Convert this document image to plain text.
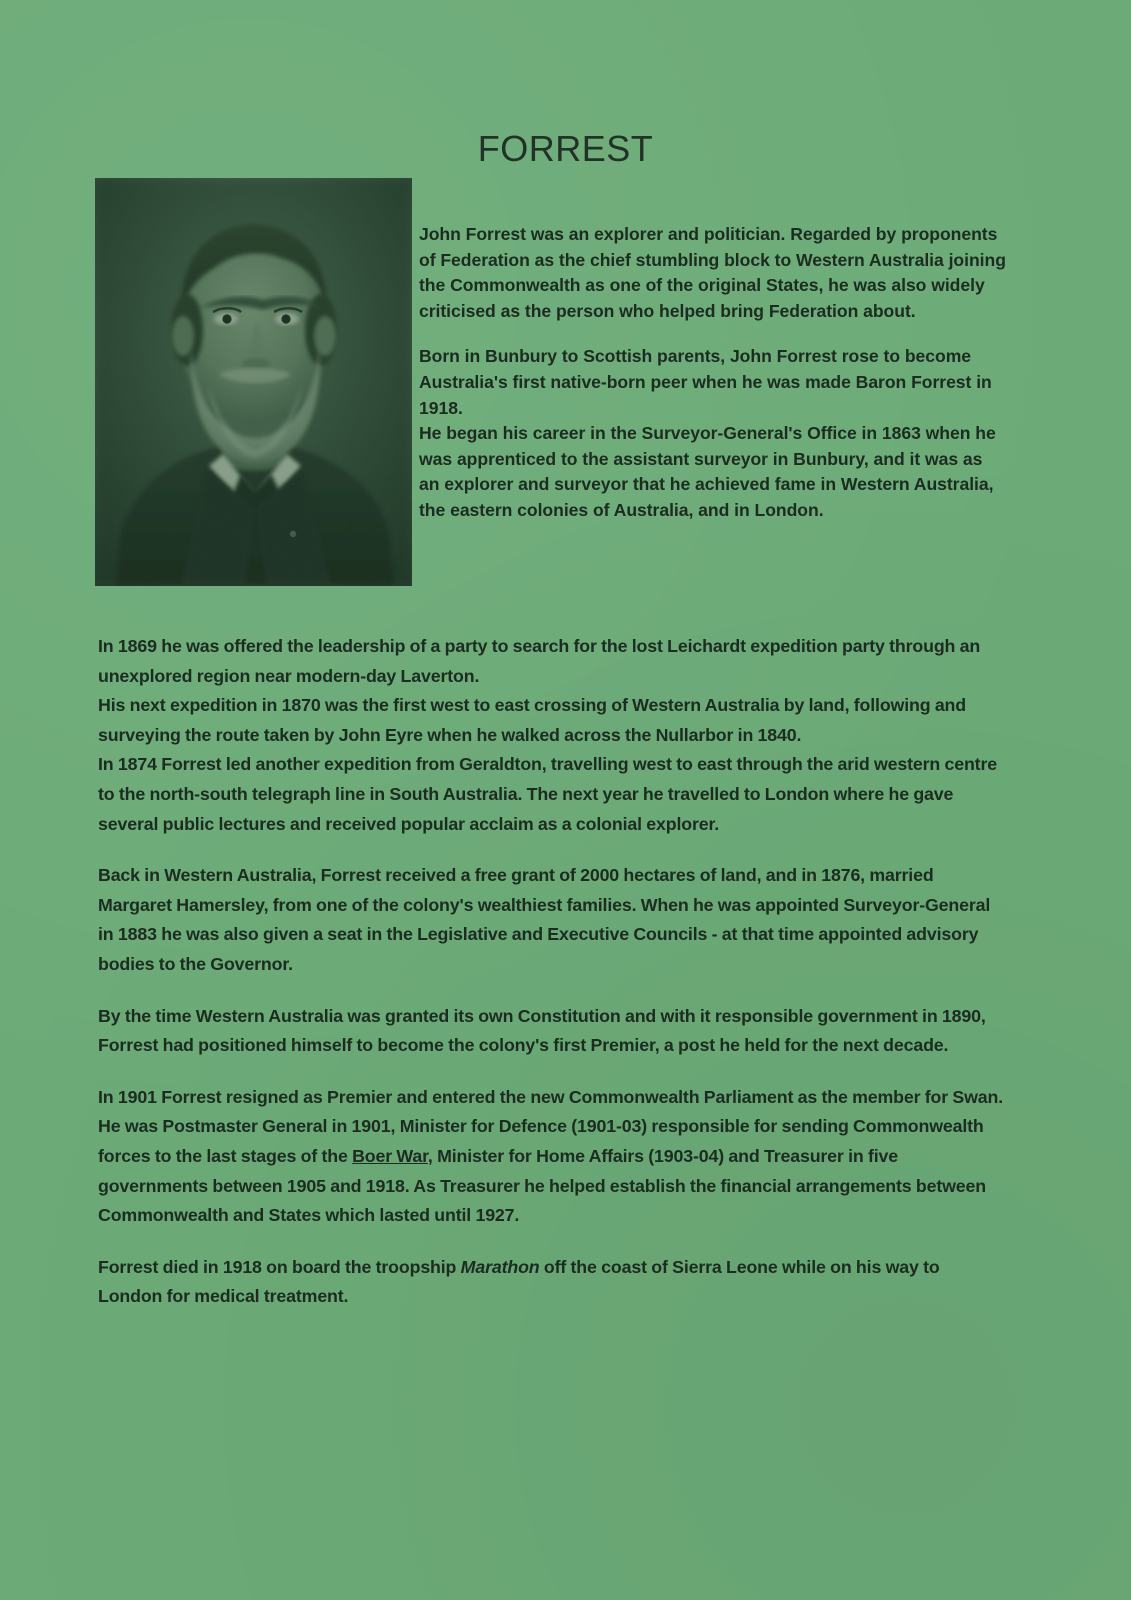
FORREST

John Forrest was an explorer and politician. Regarded by proponents of Federation as the chief stumbling block to Western Australia joining the Commonwealth as one of the original States, he was also widely criticised as the person who helped bring Federation about.

Born in Bunbury to Scottish parents, John Forrest rose to become Australia's first native-born peer when he was made Baron Forrest in 1918.

He began his career in the Surveyor-General's Office in 1863 when he was apprenticed to the assistant surveyor in Bunbury, and it was as an explorer and surveyor that he achieved fame in Western Australia, the eastern colonies of Australia, and in London.

In 1869 he was offered the leadership of a party to search for the lost Leichardt expedition party through an unexplored region near modern-day Laverton.
His next expedition in 1870 was the first west to east crossing of Western Australia by land, following and surveying the route taken by John Eyre when he walked across the Nullarbor in 1840.
In 1874 Forrest led another expedition from Geraldton, travelling west to east through the arid western centre to the north-south telegraph line in South Australia. The next year he travelled to London where he gave several public lectures and received popular acclaim as a colonial explorer.

Back in Western Australia, Forrest received a free grant of 2000 hectares of land, and in 1876, married Margaret Hamersley, from one of the colony's wealthiest families. When he was appointed Surveyor-General in 1883 he was also given a seat in the Legislative and Executive Councils - at that time appointed advisory bodies to the Governor.

By the time Western Australia was granted its own Constitution and with it responsible government in 1890, Forrest had positioned himself to become the colony's first Premier, a post he held for the next decade.

In 1901 Forrest resigned as Premier and entered the new Commonwealth Parliament as the member for Swan. He was Postmaster General in 1901, Minister for Defence (1901-03) responsible for sending Commonwealth forces to the last stages of the Boer War, Minister for Home Affairs (1903-04) and Treasurer in five governments between 1905 and 1918. As Treasurer he helped establish the financial arrangements between Commonwealth and States which lasted until 1927.

Forrest died in 1918 on board the troopship Marathon off the coast of Sierra Leone while on his way to London for medical treatment.
